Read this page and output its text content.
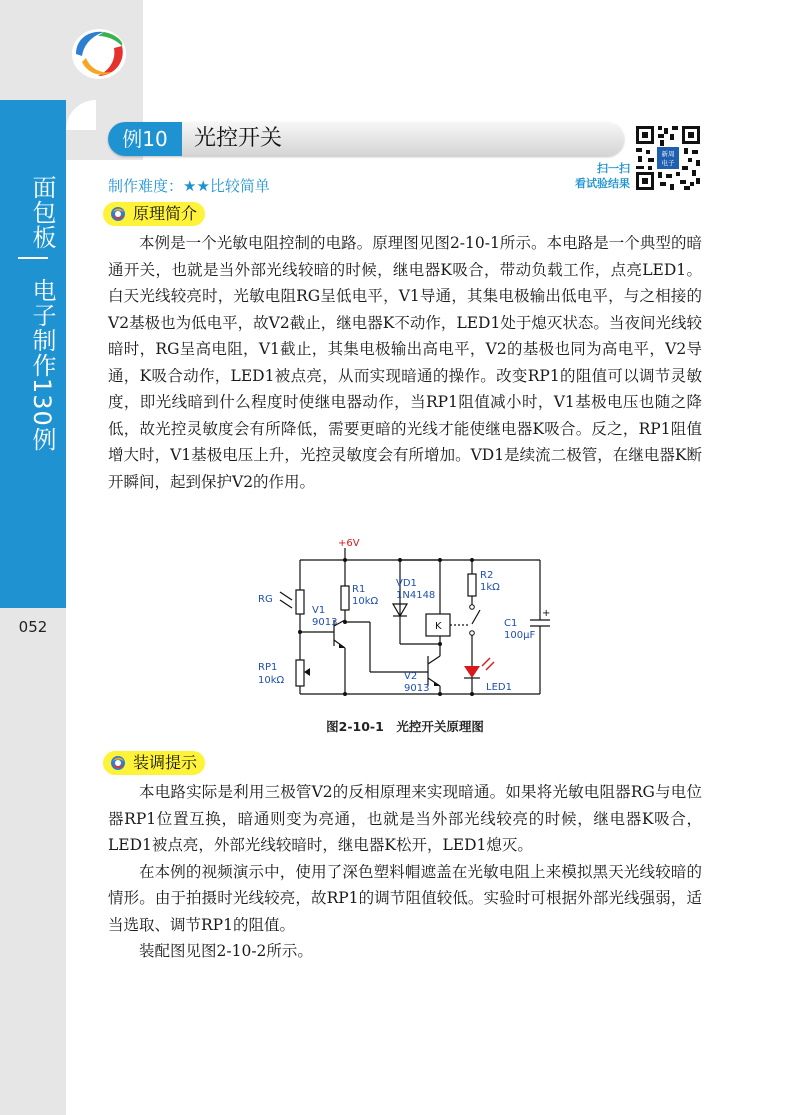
面包板
电子制作130例
052
例10	光控开关
新周
电子
扫一扫
看试验结果
制作难度：★★比较简单
原理简介

本例是一个光敏电阻控制的电路。原理图见图2-10-1所示。本电路是一个典型的暗通开关，也就是当外部光线较暗的时候，继电器K吸合，带动负载工作，点亮LED1。白天光线较亮时，光敏电阻RG呈低电平，V1导通，其集电极输出低电平，与之相接的V2基极也为低电平，故V2截止，继电器K不动作，LED1处于熄灭状态。当夜间光线较暗时，RG呈高电阻，V1截止，其集电极输出高电平，V2的基极也同为高电平，V2导通，K吸合动作，LED1被点亮，从而实现暗通的操作。改变RP1的阻值可以调节灵敏度，即光线暗到什么程度时使继电器动作，当RP1阻值减小时，V1基极电压也随之降低，故光控灵敏度会有所降低，需要更暗的光线才能使继电器K吸合。反之，RP1阻值增大时，V1基极电压上升，光控灵敏度会有所增加。VD1是续流二极管，在继电器K断开瞬间，起到保护V2的作用。

+6V
RG
R1
10kΩ
V1
9013
RP1
10kΩ
VD1
1N4148
K
R2
1kΩ
C1
100μF
+
V2
9013	LED1
图2-10-1　光控开关原理图
装调提示

本电路实际是利用三极管V2的反相原理来实现暗通。如果将光敏电阻器RG与电位器RP1位置互换，暗通则变为亮通，也就是当外部光线较亮的时候，继电器K吸合，LED1被点亮，外部光线较暗时，继电器K松开，LED1熄灭。

在本例的视频演示中，使用了深色塑料帽遮盖在光敏电阻上来模拟黑天光线较暗的情形。由于拍摄时光线较亮，故RP1的调节阻值较低。实验时可根据外部光线强弱，适当选取、调节RP1的阻值。

装配图见图2-10-2所示。
